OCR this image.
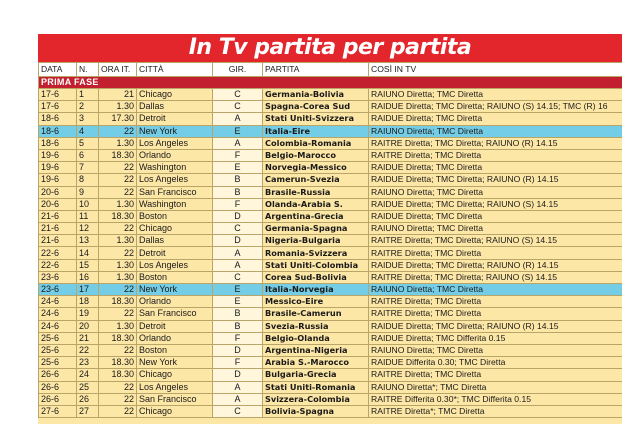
In Tv partita per partita
DATA	N.	ORA IT.	CITTÀ	GIR.	PARTITA	COSÌ IN TV
PRIMA FASE						
17-6	1	21	Chicago	C	Germania-Bolivia	RAIUNO Diretta; TMC Diretta
17-6	2	1.30	Dallas	C	Spagna-Corea Sud	RAIDUE Diretta; TMC Diretta; RAIUNO (S) 14.15; TMC (R) 16
18-6	3	17.30	Detroit	A	Stati Uniti-Svizzera	RAIDUE Diretta; TMC Diretta
18-6	4	22	New York	E	Italia-Eire	RAIUNO Diretta; TMC Diretta
18-6	5	1.30	Los Angeles	A	Colombia-Romania	RAITRE Diretta; TMC Diretta; RAIUNO (R) 14.15
19-6	6	18.30	Orlando	F	Belgio-Marocco	RAITRE Diretta; TMC Diretta
19-6	7	22	Washington	E	Norvegia-Messico	RAIDUE Diretta; TMC Diretta
19-6	8	22	Los Angeles	B	Camerun-Svezia	RAIDUE Diretta; TMC Diretta; RAIUNO (R) 14.15
20-6	9	22	San Francisco	B	Brasile-Russia	RAIUNO Diretta; TMC Diretta
20-6	10	1.30	Washington	F	Olanda-Arabia S.	RAIDUE Diretta; TMC Diretta; RAIUNO (S) 14.15
21-6	11	18.30	Boston	D	Argentina-Grecia	RAIDUE Diretta; TMC Diretta
21-6	12	22	Chicago	C	Germania-Spagna	RAIUNO Diretta; TMC Diretta
21-6	13	1.30	Dallas	D	Nigeria-Bulgaria	RAITRE Diretta; TMC Diretta; RAIUNO (S) 14.15
22-6	14	22	Detroit	A	Romania-Svizzera	RAITRE Diretta; TMC Diretta
22-6	15	1.30	Los Angeles	A	Stati Uniti-Colombia	RAIDUE Diretta; TMC Diretta; RAIUNO (R) 14.15
23-6	16	1.30	Boston	C	Corea Sud-Bolivia	RAITRE Diretta; TMC Diretta; RAIUNO (S) 14.15
23-6	17	22	New York	E	Italia-Norvegia	RAIUNO Diretta; TMC Diretta
24-6	18	18.30	Orlando	E	Messico-Eire	RAITRE Diretta; TMC Diretta
24-6	19	22	San Francisco	B	Brasile-Camerun	RAITRE Diretta; TMC Diretta
24-6	20	1.30	Detroit	B	Svezia-Russia	RAIDUE Diretta; TMC Diretta; RAIUNO (R) 14.15
25-6	21	18.30	Orlando	F	Belgio-Olanda	RAIDUE Diretta; TMC Differita 0.15
25-6	22	22	Boston	D	Argentina-Nigeria	RAIUNO Diretta; TMC Diretta
25-6	23	18.30	New York	F	Arabia S.-Marocco	RAIDUE Differita 0.30; TMC Diretta
26-6	24	18.30	Chicago	D	Bulgaria-Grecia	RAITRE Diretta; TMC Diretta
26-6	25	22	Los Angeles	A	Stati Uniti-Romania	RAIUNO Diretta*; TMC Diretta
26-6	26	22	San Francisco	A	Svizzera-Colombia	RAITRE Differita 0.30*; TMC Differita 0.15
27-6	27	22	Chicago	C	Bolivia-Spagna	RAITRE Diretta*; TMC Diretta
